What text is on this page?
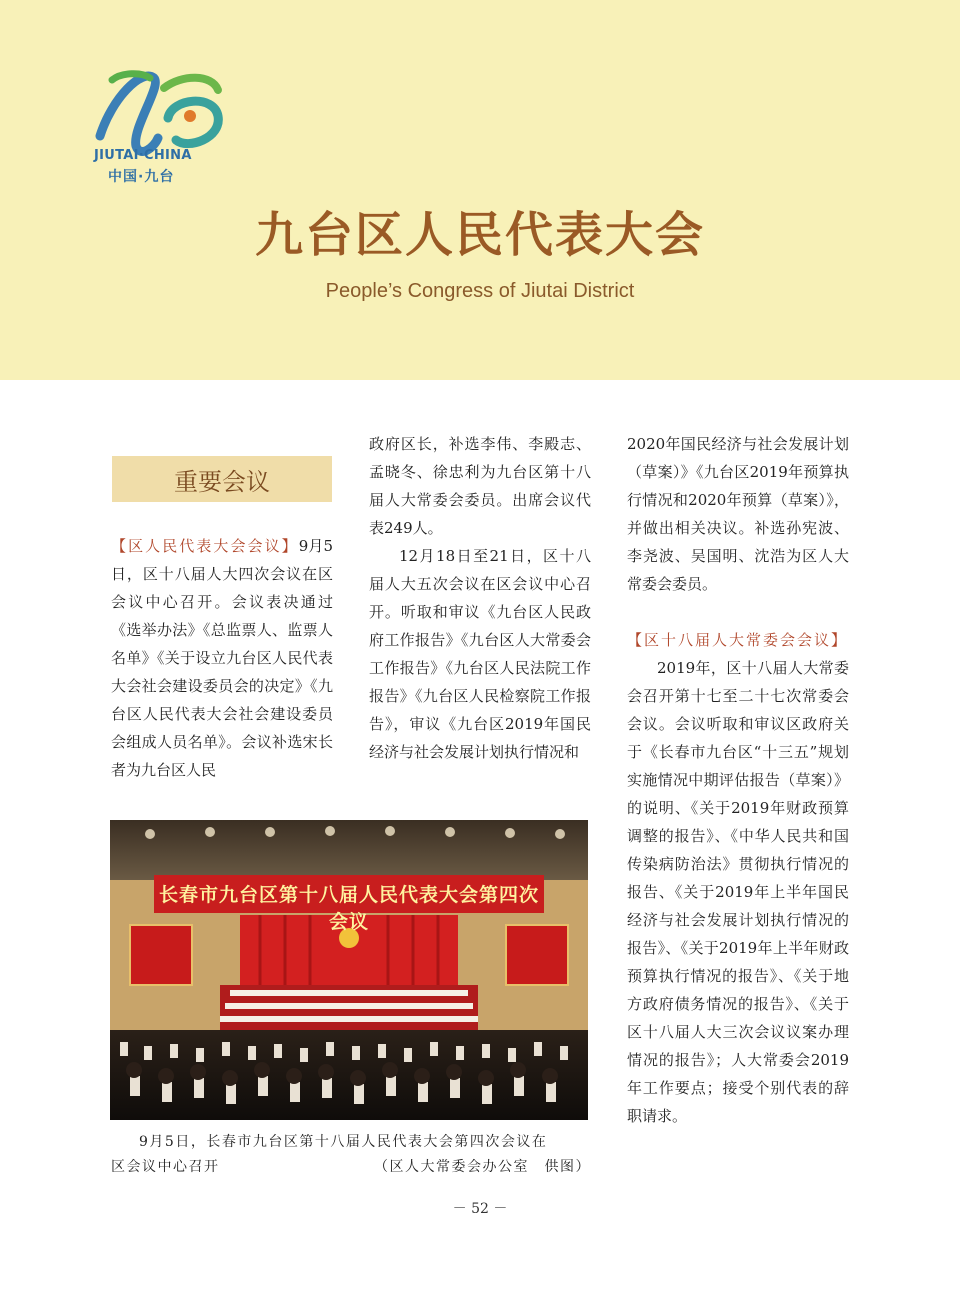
JIUTAI·CHINA
中国·九台
九台区人民代表大会
People’s Congress of Jiutai District
重要会议

【区人民代表大会会议】9月5日，区十八届人大四次会议在区会议中心召开。会议表决通过《选举办法》《总监票人、监票人名单》《关于设立九台区人民代表大会社会建设委员会的决定》《九台区人民代表大会社会建设委员会组成人员名单》。会议补选宋长者为九台区人民

政府区长，补选李伟、李殿志、孟晓冬、徐忠利为九台区第十八届人大常委会委员。出席会议代表249人。

12月18日至21日，区十八届人大五次会议在区会议中心召开。听取和审议《九台区人民政府工作报告》《九台区人大常委会工作报告》《九台区人民法院工作报告》《九台区人民检察院工作报告》，审议《九台区2019年国民经济与社会发展计划执行情况和

2020年国民经济与社会发展计划（草案）》《九台区2019年预算执行情况和2020年预算（草案）》，并做出相关决议。补选孙宪波、李尧波、吴国明、沈浩为区人大常委会委员。

【区十八届人大常委会会议】

2019年，区十八届人大常委会召开第十七至二十七次常委会会议。会议听取和审议区政府关于《长春市九台区“十三五”规划实施情况中期评估报告（草案）》的说明、《关于2019年财政预算调整的报告》、《中华人民共和国传染病防治法》贯彻执行情况的报告、《关于2019年上半年国民经济与社会发展计划执行情况的报告》、《关于2019年上半年财政预算执行情况的报告》、《关于地方政府债务情况的报告》、《关于区十八届人大三次会议议案办理情况的报告》；人大常委会2019年工作要点；接受个别代表的辞职请求。

长春市九台区第十八届人民代表大会第四次会议
9月5日，长春市九台区第十八届人民代表大会第四次会议在
区会议中心召开	（区人大常委会办公室　供图）
－ 52 －
